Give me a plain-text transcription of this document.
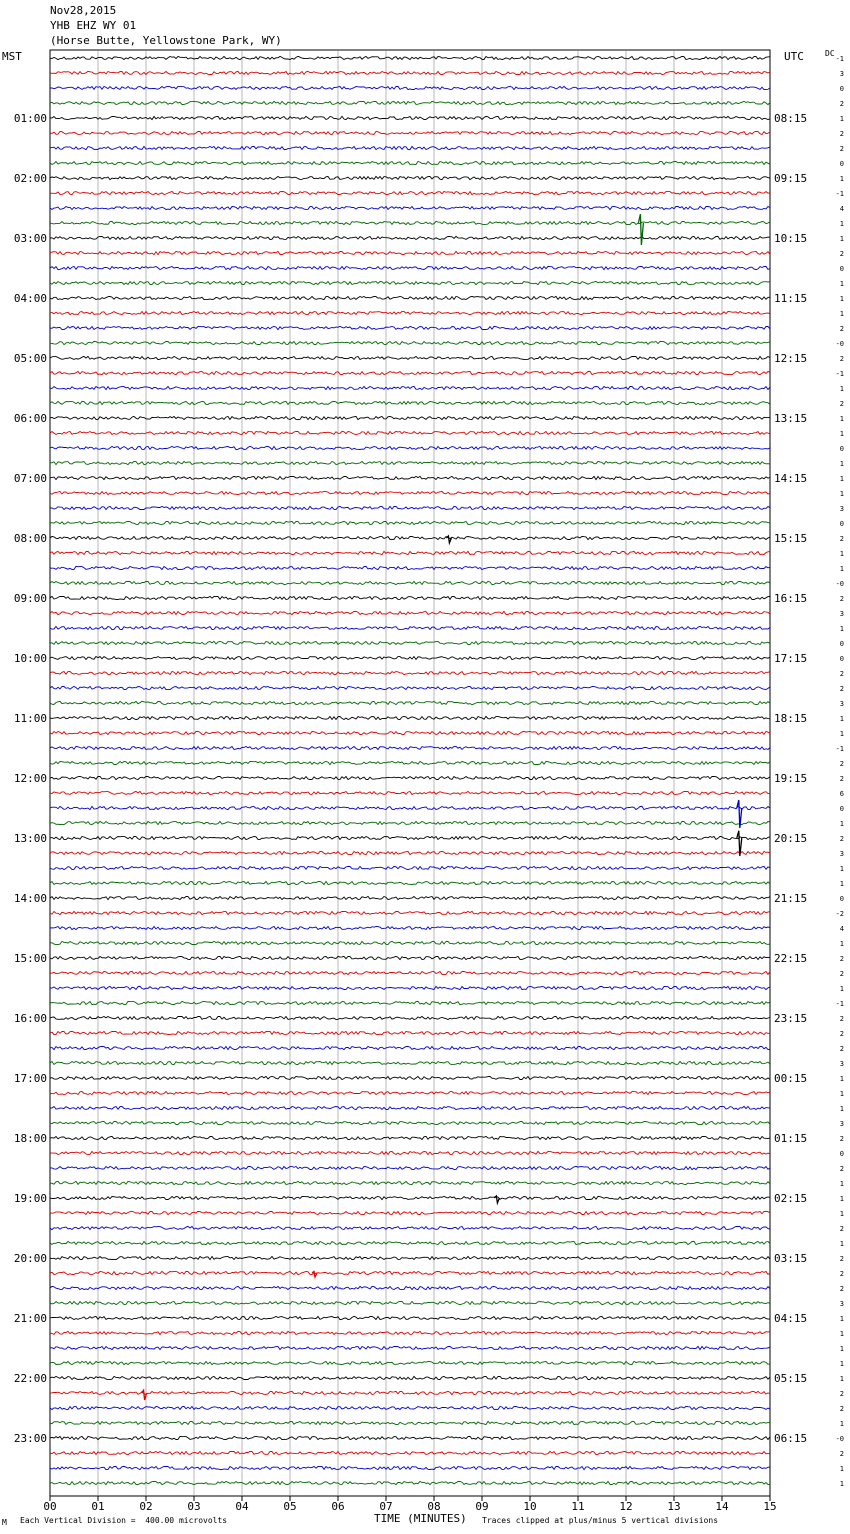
Nov28,2015
YHB EHZ WY 01
(Horse Butte, Yellowstone Park, WY)
MST	UTC	DC
01:00
02:00
03:00
04:00
05:00
06:00
07:00
08:00
09:00
10:00
11:00
12:00
13:00
14:00
15:00
16:00
17:00
18:00
19:00
20:00
21:00
22:00
23:00
08:15
09:15
10:15
11:15
12:15
13:15
14:15
15:15
16:15
17:15
18:15
19:15
20:15
21:15
22:15
23:15
00:15
01:15
02:15
03:15
04:15
05:15
06:15
-1
3
0
2
1
2
2
0
1
-1
4
1
1
2
0
1
1
1
2
-0
2
-1
1
2
1
1
0
1
1
1
3
0
2
1
1
-0
2
3
1
0
0
2
2
3
1
1
-1
2
2
6
0
1
2
3
1
1
0
-2
4
1
2
2
1
-1
2
2
2
3
1
1
1
3
2
0
2
1
1
1
2
1
2
2
2
3
1
1
1
1
1
2
2
1
-0
2
1
1
00	01	02	03	04	05	06	07	08	09	10	11	12	13	14	15
M Each Vertical Division =  400.00 microvolts	TIME (MINUTES) Traces clipped at plus/minus 5 vertical divisions
